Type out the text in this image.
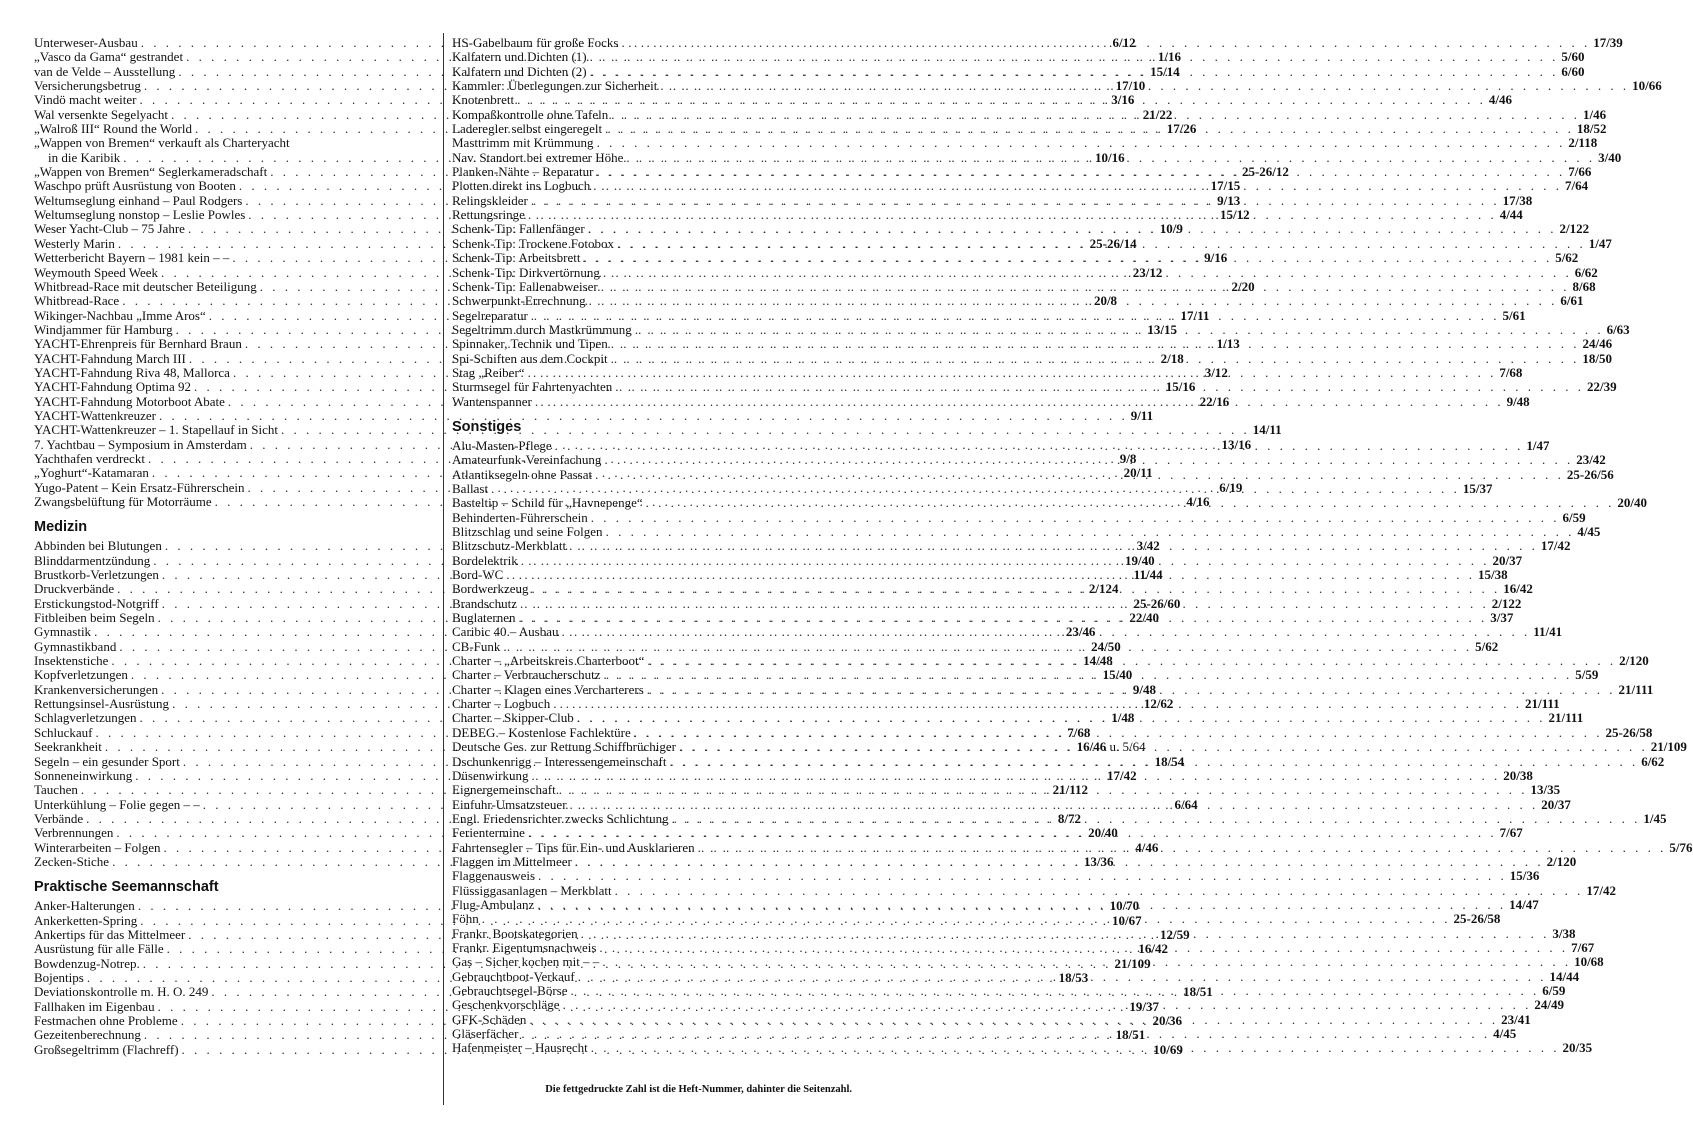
Unterweser-Ausbau . . .	6/12
„Vasco da Gama“ gestrandet . . .	1/16
van de Velde – Ausstellung . . .	15/14
Versicherungsbetrug . . .	17/10
Vindö macht weiter . . .	3/16
Wal versenkte Segelyacht . . .	21/22
„Walroß III“ Round the World . . .	17/26
„Wappen von Bremen“ verkauft als Charteryacht
in die Karibik . . .	10/16
„Wappen von Bremen“ Seglerkameradschaft . . .	25-26/12
Waschpo prüft Ausrüstung von Booten . . .	17/15
Weltumseglung einhand – Paul Rodgers . . .	9/13
Weltumseglung nonstop – Leslie Powles . . .	15/12
Weser Yacht-Club – 75 Jahre . . .	10/9
Westerly Marin . . .	25-26/14
Wetterbericht Bayern – 1981 kein – – . . .	9/16
Weymouth Speed Week . . .	23/12
Whitbread-Race mit deutscher Beteiligung . . .	2/20
Whitbread-Race . . .	20/8
Wikinger-Nachbau „Imme Aros“ . . .	17/11
Windjammer für Hamburg . . .	13/15
YACHT-Ehrenpreis für Bernhard Braun . . .	1/13
YACHT-Fahndung March III . . .	2/18
YACHT-Fahndung Riva 48, Mallorca . . .	3/12
YACHT-Fahndung Optima 92 . . .	15/16
YACHT-Fahndung Motorboot Abate . . .	22/16
YACHT-Wattenkreuzer . . .	9/11
YACHT-Wattenkreuzer – 1. Stapellauf in Sicht . . .	14/11
7. Yachtbau – Symposium in Amsterdam . . .	13/16
Yachthafen verdreckt . . .	9/8
„Yoghurt“-Katamaran . . .	20/11
Yugo-Patent – Kein Ersatz-Führerschein . . .	6/19
Zwangsbelüftung für Motorräume . . .	4/16
Medizin
Abbinden bei Blutungen . . .	3/42
Blinddarmentzündung . . .	19/40
Brustkorb-Verletzungen . . .	11/44
Druckverbände . . .	2/124
Erstickungstod-Notgriff . . .	25-26/60
Fitbleiben beim Segeln . . .	22/40
Gymnastik . . .	23/46
Gymnastikband . . .	24/50
Insektenstiche . . .	14/48
Kopfverletzungen . . .	15/40
Krankenversicherungen . . .	9/48
Rettungsinsel-Ausrüstung . . .	12/62
Schlagverletzungen . . .	1/48
Schluckauf . . .	7/68
Seekrankheit . . .	16/46 u. 5/64
Segeln – ein gesunder Sport . . .	18/54
Sonneneinwirkung . . .	17/42
Tauchen . . .	21/112
Unterkühlung – Folie gegen – – . . .	6/64
Verbände . . .	8/72
Verbrennungen . . .	20/40
Winterarbeiten – Folgen . . .	4/46
Zecken-Stiche . . .	13/36
Praktische Seemannschaft
Anker-Halterungen . . .	10/70
Ankerketten-Spring . . .	10/67
Ankertips für das Mittelmeer . . .	12/59
Ausrüstung für alle Fälle . . .	16/42
Bowdenzug-Notrep. . . .	21/109
Bojentips . . .	18/53
Deviationskontrolle m. H. O. 249 . . .	18/51
Fallhaken im Eigenbau . . .	19/37
Festmachen ohne Probleme . . .	20/36
Gezeitenberechnung . . .	18/51
Großsegeltrimm (Flachreff) . . .	10/69
HS-Gabelbaum für große Focks . . .	17/39
Kalfatern und Dichten (1) . . .	5/60
Kalfatern und Dichten (2) . . .	6/60
Kammler: Überlegungen zur Sicherheit . . .	10/66
Knotenbrett . . .	4/46
Kompaßkontrolle ohne Tafeln . . .	1/46
Laderegler selbst eingeregelt . . .	18/52
Masttrimm mit Krümmung . . .	2/118
Nav. Standort bei extremer Höhe . . .	3/40
Planken-Nähte – Reparatur . . .	7/66
Plotten direkt ins Logbuch . . .	7/64
Relingskleider . . .	17/38
Rettungsringe . . .	4/44
Schenk-Tip: Fallenfänger . . .	2/122
Schenk-Tip: Trockene Fotobox . . .	1/47
Schenk-Tip: Arbeitsbrett . . .	5/62
Schenk-Tip: Dirkvertörnung . . .	6/62
Schenk-Tip: Fallenabweiser . . .	8/68
Schwerpunkt-Errechnung . . .	6/61
Segelreparatur . . .	5/61
Segeltrimm durch Mastkrümmung . . .	6/63
Spinnaker, Technik und Tipen . . .	24/46
Spi-Schiften aus dem Cockpit . . .	18/50
Stag „Reiber“ . . .	7/68
Sturmsegel für Fahrtenyachten . . .	22/39
Wantenspanner . . .	9/48
Sonstiges
Alu-Masten-Pflege . . .	1/47
Amateurfunk-Vereinfachung . . .	23/42
Atlantiksegeln ohne Passat . . .	25-26/56
Ballast . . .	15/37
Basteltip – Schild für „Havnepenge“ . . .	20/40
Behinderten-Führerschein . . .	6/59
Blitzschlag und seine Folgen . . .	4/45
Blitzschutz-Merkblatt . . .	17/42
Bordelektrik . . .	20/37
Bord-WC . . .	15/38
Bordwerkzeug . . .	16/42
Brandschutz . . .	2/122
Buglaternen . . .	3/37
Caribic 40 – Ausbau . . .	11/41
CB-Funk . . .	5/62
Charter – „Arbeitskreis Charterboot“ . . .	2/120
Charter – Verbraucherschutz . . .	5/59
Charter – Klagen eines Vercharterers . . .	21/111
Charter – Logbuch . . .	21/111
Charter – Skipper-Club . . .	21/111
DEBEG – Kostenlose Fachlektüre . . .	25-26/58
Deutsche Ges. zur Rettung Schiffbrüchiger . . .	21/109
Dschunkenrigg – Interessengemeinschaft . . .	6/62
Düsenwirkung . . .	20/38
Eignergemeinschaft . . .	13/35
Einfuhr-Umsatzsteuer . . .	20/37
Engl. Friedensrichter zwecks Schlichtung . . .	1/45
Ferientermine . . .	7/67
Fahrtensegler – Tips für Ein- und Ausklarieren . . .	5/76
Flaggen im Mittelmeer . . .	2/120
Flaggenausweis . . .	15/36
Flüssiggasanlagen – Merkblatt . . .	17/42
Flug-Ambulanz . . .	14/47
Föhn . . .	25-26/58
Frankr. Bootskategorien . . .	3/38
Frankr. Eigentumsnachweis . . .	7/67
Gas – Sicher kochen mit – – . . .	10/68
Gebrauchtboot-Verkauf . . .	14/44
Gebrauchtsegel-Börse . . .	6/59
Geschenkvorschläge . . .	24/49
GFK-Schäden . . .	23/41
Gläserfächer . . .	4/45
Hafenmeister – Hausrecht . . .	20/35
Die fettgedruckte Zahl ist die Heft-Nummer, dahinter die Seitenzahl.
